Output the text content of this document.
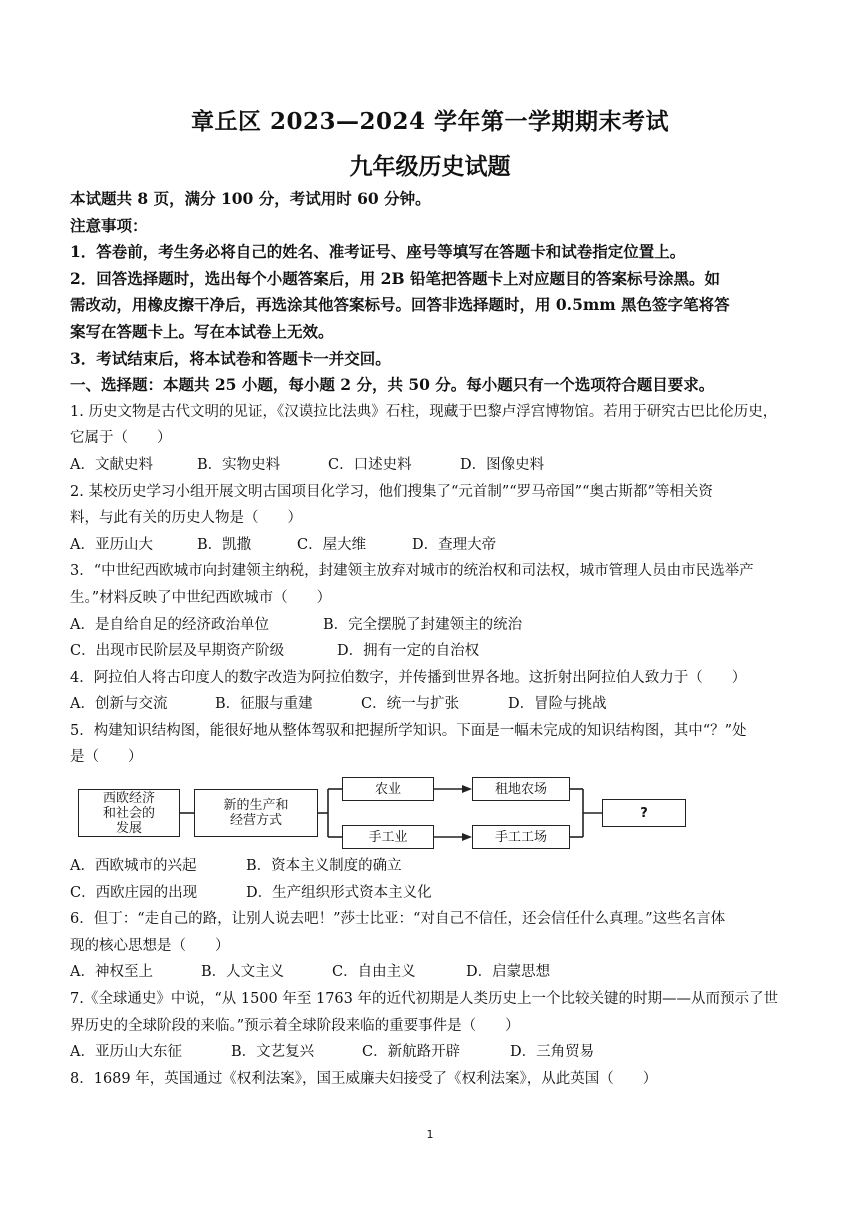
章丘区 2023—2024 学年第一学期期末考试
九年级历史试题
本试题共 8 页，满分 100 分，考试用时 60 分钟。
注意事项：
1．答卷前，考生务必将自己的姓名、准考证号、座号等填写在答题卡和试卷指定位置上。
2．回答选择题时，选出每个小题答案后，用 2B 铅笔把答题卡上对应题目的答案标号涂黑。如
需改动，用橡皮擦干净后，再选涂其他答案标号。回答非选择题时，用 0.5mm 黑色签字笔将答
案写在答题卡上。写在本试卷上无效。
3．考试结束后，将本试卷和答题卡一并交回。
一、选择题：本题共 25 小题，每小题 2 分，共 50 分。每小题只有一个选项符合题目要求。
1. 历史文物是古代文明的见证，《汉谟拉比法典》石柱，现藏于巴黎卢浮宫博物馆。若用于研究古巴比伦历史，
它属于（　　）
A．文献史料	B．实物史料	C．口述史料	D．图像史料
2. 某校历史学习小组开展文明古国项目化学习，他们搜集了“元首制”“罗马帝国”“奥古斯都”等相关资
料，与此有关的历史人物是（　　）
A．亚历山大	B．凯撒	C．屋大维	D．查理大帝
3．“中世纪西欧城市向封建领主纳税，封建领主放弃对城市的统治权和司法权，城市管理人员由市民选举产
生。”材料反映了中世纪西欧城市（　　）
A．是自给自足的经济政治单位	B．完全摆脱了封建领主的统治
C．出现市民阶层及早期资产阶级	D．拥有一定的自治权
4．阿拉伯人将古印度人的数字改造为阿拉伯数字，并传播到世界各地。这折射出阿拉伯人致力于（　　）
A．创新与交流	B．征服与重建	C．统一与扩张	D．冒险与挑战
5．构建知识结构图，能很好地从整体驾驭和把握所学知识。下面是一幅未完成的知识结构图，其中“？”处
是（　　）
西欧经济
和社会的
发展
新的生产和
经营方式
农业
手工业
租地农场
手工工场
?
A．西欧城市的兴起	B．资本主义制度的确立
C．西欧庄园的出现	D．生产组织形式资本主义化
6．但丁：“走自己的路，让别人说去吧！”莎士比亚：“对自己不信任，还会信任什么真理。”这些名言体
现的核心思想是（　　）
A．神权至上	B．人文主义	C．自由主义	D．启蒙思想
7.《全球通史》中说，“从 1500 年至 1763 年的近代初期是人类历史上一个比较关键的时期——从而预示了世
界历史的全球阶段的来临。”预示着全球阶段来临的重要事件是（　　）
A．亚历山大东征	B．文艺复兴	C．新航路开辟	D．三角贸易
8．1689 年，英国通过《权利法案》，国王威廉夫妇接受了《权利法案》，从此英国（　　）
1
